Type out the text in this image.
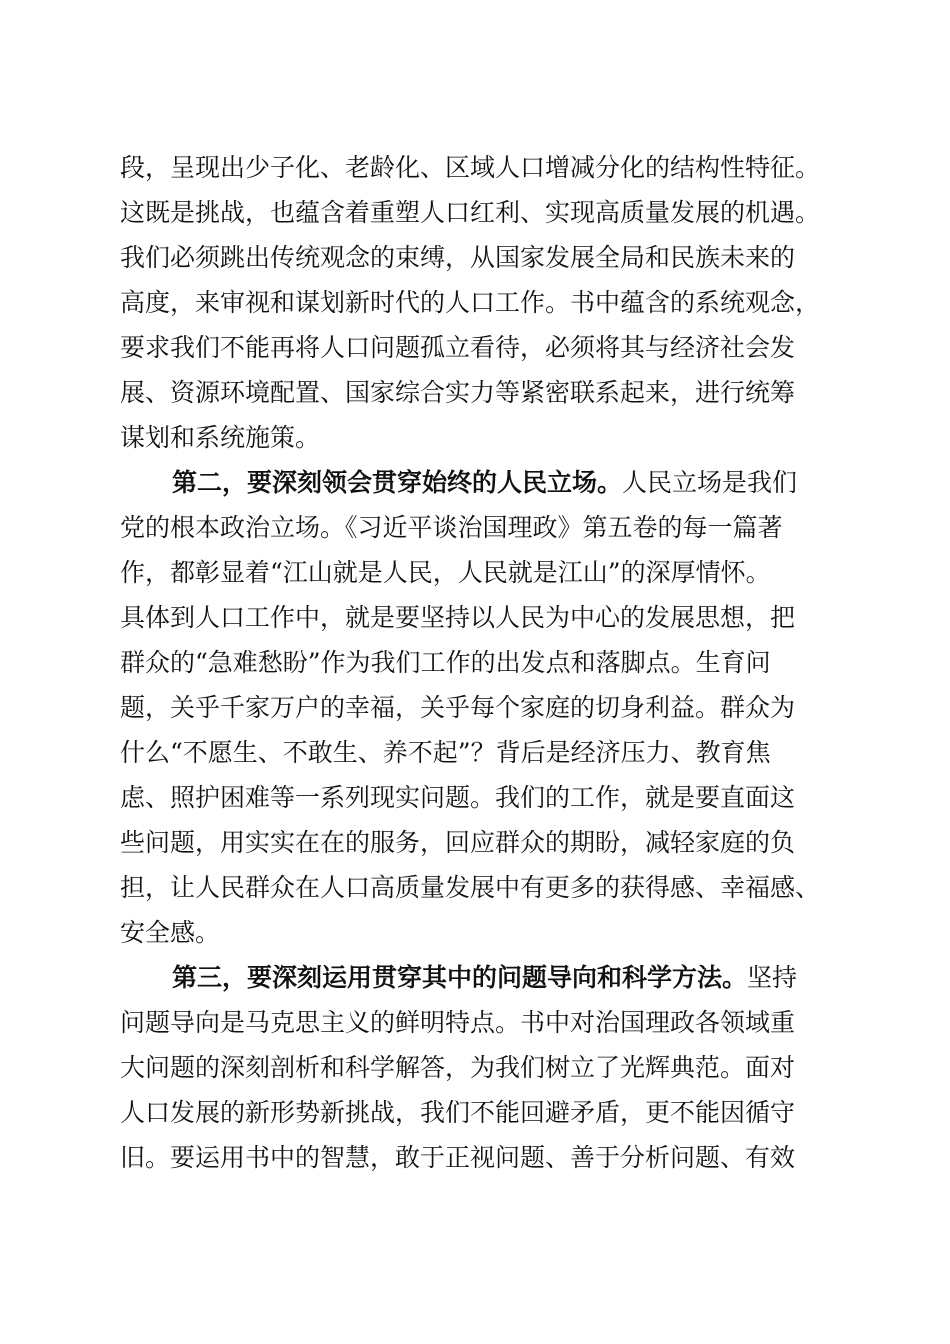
段，呈现出少子化、老龄化、区域人口增减分化的结构性特征。
这既是挑战，也蕴含着重塑人口红利、实现高质量发展的机遇。
我们必须跳出传统观念的束缚，从国家发展全局和民族未来的
高度，来审视和谋划新时代的人口工作。书中蕴含的系统观念，
要求我们不能再将人口问题孤立看待，必须将其与经济社会发
展、资源环境配置、国家综合实力等紧密联系起来，进行统筹
谋划和系统施策。
第二，要深刻领会贯穿始终的人民立场。人民立场是我们
党的根本政治立场。《习近平谈治国理政》第五卷的每一篇著
作，都彰显着“江山就是人民，人民就是江山”的深厚情怀。
具体到人口工作中，就是要坚持以人民为中心的发展思想，把
群众的“急难愁盼”作为我们工作的出发点和落脚点。生育问
题，关乎千家万户的幸福，关乎每个家庭的切身利益。群众为
什么“不愿生、不敢生、养不起”？背后是经济压力、教育焦
虑、照护困难等一系列现实问题。我们的工作，就是要直面这
些问题，用实实在在的服务，回应群众的期盼，减轻家庭的负
担，让人民群众在人口高质量发展中有更多的获得感、幸福感、
安全感。
第三，要深刻运用贯穿其中的问题导向和科学方法。坚持
问题导向是马克思主义的鲜明特点。书中对治国理政各领域重
大问题的深刻剖析和科学解答，为我们树立了光辉典范。面对
人口发展的新形势新挑战，我们不能回避矛盾，更不能因循守
旧。要运用书中的智慧，敢于正视问题、善于分析问题、有效
